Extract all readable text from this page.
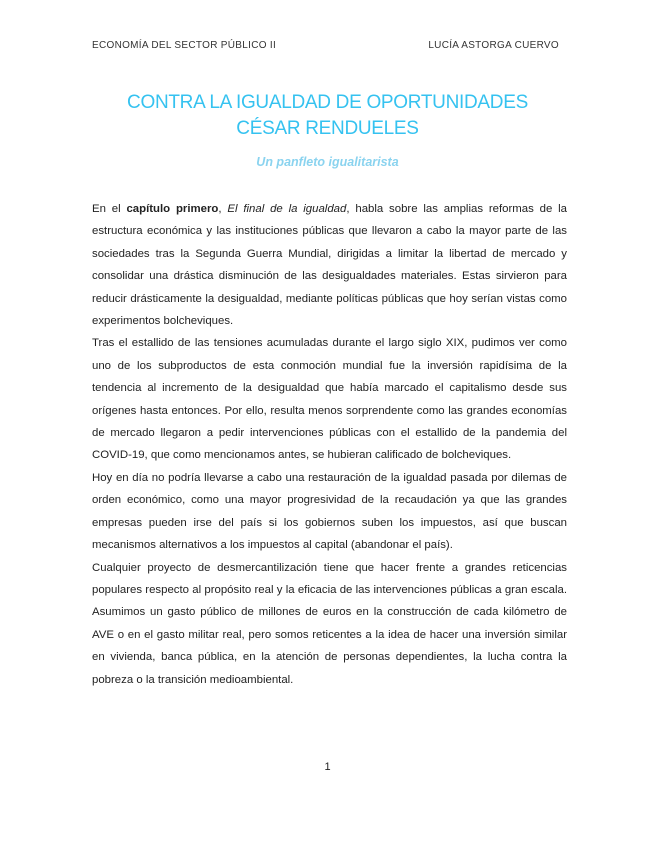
ECONOMÍA DEL SECTOR PÚBLICO II	LUCÍA ASTORGA CUERVO
CONTRA LA IGUALDAD DE OPORTUNIDADES
CÉSAR RENDUELES
Un panfleto igualitarista

En el capítulo primero, El final de la igualdad, habla sobre las amplias reformas de la estructura económica y las instituciones públicas que llevaron a cabo la mayor parte de las sociedades tras la Segunda Guerra Mundial, dirigidas a limitar la libertad de mercado y consolidar una drástica disminución de las desigualdades materiales. Estas sirvieron para reducir drásticamente la desigualdad, mediante políticas públicas que hoy serían vistas como experimentos bolcheviques.

Tras el estallido de las tensiones acumuladas durante el largo siglo XIX, pudimos ver como uno de los subproductos de esta conmoción mundial fue la inversión rapidísima de la tendencia al incremento de la desigualdad que había marcado el capitalismo desde sus orígenes hasta entonces. Por ello, resulta menos sorprendente como las grandes economías de mercado llegaron a pedir intervenciones públicas con el estallido de la pandemia del COVID-19, que como mencionamos antes, se hubieran calificado de bolcheviques.

Hoy en día no podría llevarse a cabo una restauración de la igualdad pasada por dilemas de orden económico, como una mayor progresividad de la recaudación ya que las grandes empresas pueden irse del país si los gobiernos suben los impuestos, así que buscan mecanismos alternativos a los impuestos al capital (abandonar el país).

Cualquier proyecto de desmercantilización tiene que hacer frente a grandes reticencias populares respecto al propósito real y la eficacia de las intervenciones públicas a gran escala. Asumimos un gasto público de millones de euros en la construcción de cada kilómetro de AVE o en el gasto militar real, pero somos reticentes a la idea de hacer una inversión similar en vivienda, banca pública, en la atención de personas dependientes, la lucha contra la pobreza o la transición medioambiental.

1
